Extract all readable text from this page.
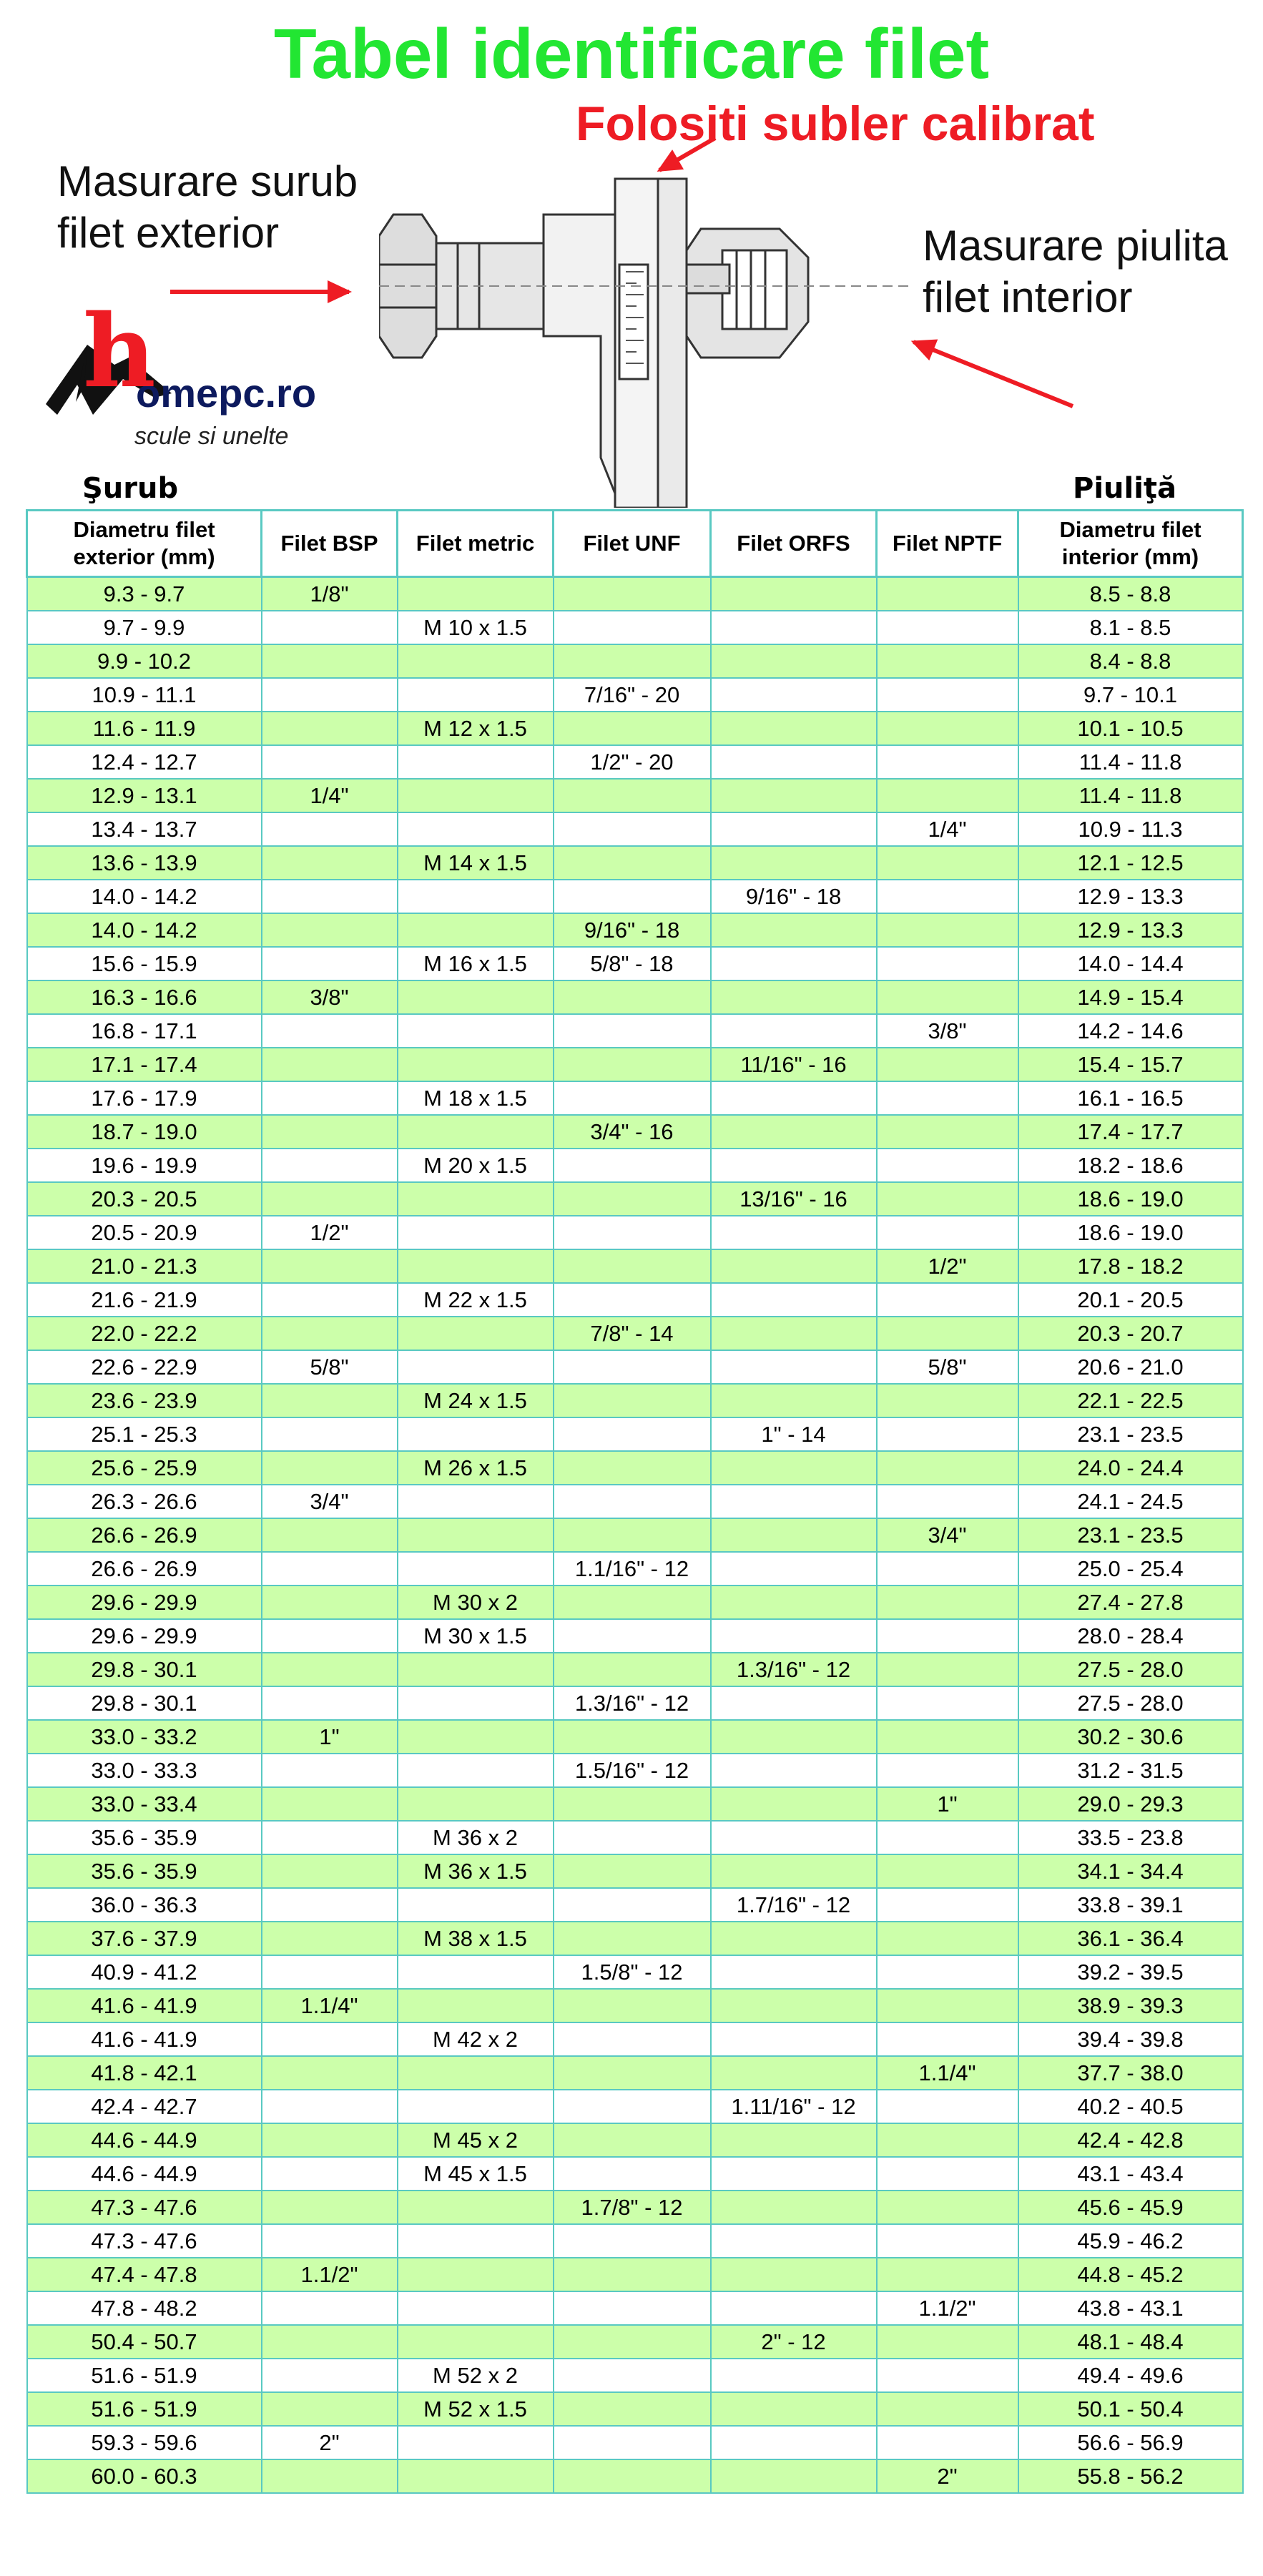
Tabel identificare filet
Folositi subler calibrat
Masurare surub
filet exterior	Masurare piulita
filet interior
h
omepc.ro
scule si unelte
Şurub	Piuliţă
Diametru filet
exterior (mm)	Filet BSP	Filet metric	Filet UNF	Filet ORFS	Filet NPTF	Diametru filet
interior (mm)
9.3 - 9.7	1/8"					8.5 - 8.8
9.7 - 9.9		M 10 x 1.5				8.1 - 8.5
9.9 - 10.2						8.4 - 8.8
10.9 - 11.1			7/16" - 20			9.7 - 10.1
11.6 - 11.9		M 12 x 1.5				10.1 - 10.5
12.4 - 12.7			1/2" - 20			11.4 - 11.8
12.9 - 13.1	1/4"					11.4 - 11.8
13.4 - 13.7					1/4"	10.9 - 11.3
13.6 - 13.9		M 14 x 1.5				12.1 - 12.5
14.0 - 14.2				9/16" - 18		12.9 - 13.3
14.0 - 14.2			9/16" - 18			12.9 - 13.3
15.6 - 15.9		M 16 x 1.5	5/8" - 18			14.0 - 14.4
16.3 - 16.6	3/8"					14.9 - 15.4
16.8 - 17.1					3/8"	14.2 - 14.6
17.1 - 17.4				11/16" - 16		15.4 - 15.7
17.6 - 17.9		M 18 x 1.5				16.1 - 16.5
18.7 - 19.0			3/4" - 16			17.4 - 17.7
19.6 - 19.9		M 20 x 1.5				18.2 - 18.6
20.3 - 20.5				13/16" - 16		18.6 - 19.0
20.5 - 20.9	1/2"					18.6 - 19.0
21.0 - 21.3					1/2"	17.8 - 18.2
21.6 - 21.9		M 22 x 1.5				20.1 - 20.5
22.0 - 22.2			7/8" - 14			20.3 - 20.7
22.6 - 22.9	5/8"				5/8"	20.6 - 21.0
23.6 - 23.9		M 24 x 1.5				22.1 - 22.5
25.1 - 25.3				1" - 14		23.1 - 23.5
25.6 - 25.9		M 26 x 1.5				24.0 - 24.4
26.3 - 26.6	3/4"					24.1 - 24.5
26.6 - 26.9					3/4"	23.1 - 23.5
26.6 - 26.9			1.1/16" - 12			25.0 - 25.4
29.6 - 29.9		M 30 x 2				27.4 - 27.8
29.6 - 29.9		M 30 x 1.5				28.0 - 28.4
29.8 - 30.1				1.3/16" - 12		27.5 - 28.0
29.8 - 30.1			1.3/16" - 12			27.5 - 28.0
33.0 - 33.2	1"					30.2 - 30.6
33.0 - 33.3			1.5/16" - 12			31.2 - 31.5
33.0 - 33.4					1"	29.0 - 29.3
35.6 - 35.9		M 36 x 2				33.5 - 23.8
35.6 - 35.9		M 36 x 1.5				34.1 - 34.4
36.0 - 36.3				1.7/16" - 12		33.8 - 39.1
37.6 - 37.9		M 38 x 1.5				36.1 - 36.4
40.9 - 41.2			1.5/8" - 12			39.2 - 39.5
41.6 - 41.9	1.1/4"					38.9 - 39.3
41.6 - 41.9		M 42 x 2				39.4 - 39.8
41.8 - 42.1					1.1/4"	37.7 - 38.0
42.4 - 42.7				1.11/16" - 12		40.2 - 40.5
44.6 - 44.9		M 45 x 2				42.4 - 42.8
44.6 - 44.9		M 45 x 1.5				43.1 - 43.4
47.3 - 47.6			1.7/8" - 12			45.6 - 45.9
47.3 - 47.6						45.9 - 46.2
47.4 - 47.8	1.1/2"					44.8 - 45.2
47.8 - 48.2					1.1/2"	43.8 - 43.1
50.4 - 50.7				2" - 12		48.1 - 48.4
51.6 - 51.9		M 52 x 2				49.4 - 49.6
51.6 - 51.9		M 52 x 1.5				50.1 - 50.4
59.3 - 59.6	2"					56.6 - 56.9
60.0 - 60.3					2"	55.8 - 56.2
